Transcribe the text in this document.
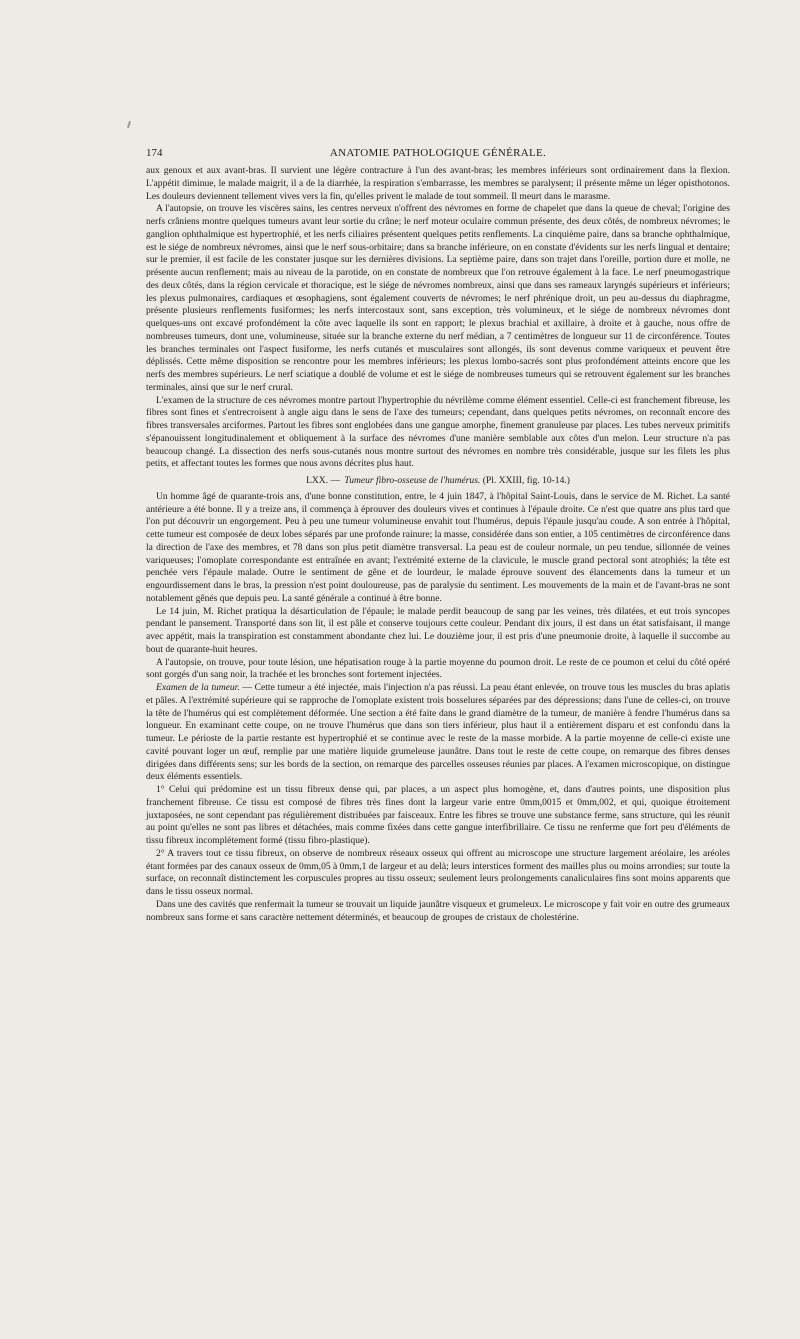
174	ANATOMIE PATHOLOGIQUE GÉNÉRALE.

aux genoux et aux avant-bras. Il survient une légère contracture à l'un des avant-bras; les membres inférieurs sont ordinairement dans la flexion. L'appétit diminue, le malade maigrit, il a de la diarrhée, la respiration s'embarrasse, les membres se paralysent; il présente même un léger opisthotonos. Les douleurs deviennent tellement vives vers la fin, qu'elles privent le malade de tout sommeil. Il meurt dans le marasme.

A l'autopsie, on trouve les viscères sains, les centres nerveux n'offrent des névromes en forme de chapelet que dans la queue de cheval; l'origine des nerfs crâniens montre quelques tumeurs avant leur sortie du crâne; le nerf moteur oculaire commun présente, des deux côtés, de nombreux névromes; le ganglion ophthalmique est hypertrophié, et les nerfs ciliaires présentent quelques petits renflements. La cinquième paire, dans sa branche ophthalmique, est le siége de nombreux névromes, ainsi que le nerf sous-orbitaire; dans sa branche inférieure, on en constate d'évidents sur les nerfs lingual et dentaire; sur le premier, il est facile de les constater jusque sur les dernières divisions. La septième paire, dans son trajet dans l'oreille, portion dure et molle, ne présente aucun renflement; mais au niveau de la parotide, on en constate de nombreux que l'on retrouve également à la face. Le nerf pneumogastrique des deux côtés, dans la région cervicale et thoracique, est le siége de névromes nombreux, ainsi que dans ses rameaux laryngés supérieurs et inférieurs; les plexus pulmonaires, cardiaques et œsophagiens, sont également couverts de névromes; le nerf phrénique droit, un peu au-dessus du diaphragme, présente plusieurs renflements fusiformes; les nerfs intercostaux sont, sans exception, très volumineux, et le siége de nombreux névromes dont quelques-uns ont excavé profondément la côte avec laquelle ils sont en rapport; le plexus brachial et axillaire, à droite et à gauche, nous offre de nombreuses tumeurs, dont une, volumineuse, située sur la branche externe du nerf médian, a 7 centimètres de longueur sur 11 de circonférence. Toutes les branches terminales ont l'aspect fusiforme, les nerfs cutanés et musculaires sont allongés, ils sont devenus comme variqueux et peuvent être déplissés. Cette même disposition se rencontre pour les membres inférieurs; les plexus lombo-sacrés sont plus profondément atteints encore que les nerfs des membres supérieurs. Le nerf sciatique a doublé de volume et est le siége de nombreuses tumeurs qui se retrouvent également sur les branches terminales, ainsi que sur le nerf crural.

L'examen de la structure de ces névromes montre partout l'hypertrophie du névrilème comme élément essentiel. Celle-ci est franchement fibreuse, les fibres sont fines et s'entrecroisent à angle aigu dans le sens de l'axe des tumeurs; cependant, dans quelques petits névromes, on reconnaît encore des fibres transversales arciformes. Partout les fibres sont englobées dans une gangue amorphe, finement granuleuse par places. Les tubes nerveux primitifs s'épanouissent longitudinalement et obliquement à la surface des névromes d'une manière semblable aux côtes d'un melon. Leur structure n'a pas beaucoup changé. La dissection des nerfs sous-cutanés nous montre surtout des névromes en nombre très considérable, jusque sur les filets les plus petits, et affectant toutes les formes que nous avons décrites plus haut.

LXX. — Tumeur fibro-osseuse de l'humérus. (Pl. XXIII, fig. 10-14.)

Un homme âgé de quarante-trois ans, d'une bonne constitution, entre, le 4 juin 1847, à l'hôpital Saint-Louis, dans le service de M. Richet. La santé antérieure a été bonne. Il y a treize ans, il commença à éprouver des douleurs vives et continues à l'épaule droite. Ce n'est que quatre ans plus tard que l'on put découvrir un engorgement. Peu à peu une tumeur volumineuse envahit tout l'humérus, depuis l'épaule jusqu'au coude. A son entrée à l'hôpital, cette tumeur est composée de deux lobes séparés par une profonde rainure; la masse, considérée dans son entier, a 105 centimètres de circonférence dans la direction de l'axe des membres, et 78 dans son plus petit diamètre transversal. La peau est de couleur normale, un peu tendue, sillonnée de veines variqueuses; l'omoplate correspondante est entraînée en avant; l'extrémité externe de la clavicule, le muscle grand pectoral sont atrophiés; la tête est penchée vers l'épaule malade. Outre le sentiment de gêne et de lourdeur, le malade éprouve souvent des élancements dans la tumeur et un engourdissement dans le bras, la pression n'est point douloureuse, pas de paralysie du sentiment. Les mouvements de la main et de l'avant-bras ne sont notablement gênés que depuis peu. La santé générale a continué à être bonne.

Le 14 juin, M. Richet pratiqua la désarticulation de l'épaule; le malade perdit beaucoup de sang par les veines, très dilatées, et eut trois syncopes pendant le pansement. Transporté dans son lit, il est pâle et conserve toujours cette couleur. Pendant dix jours, il est dans un état satisfaisant, il mange avec appétit, mais la transpiration est constamment abondante chez lui. Le douzième jour, il est pris d'une pneumonie droite, à laquelle il succombe au bout de quarante-huit heures.

A l'autopsie, on trouve, pour toute lésion, une hépatisation rouge à la partie moyenne du poumon droit. Le reste de ce poumon et celui du côté opéré sont gorgés d'un sang noir, la trachée et les bronches sont fortement injectées.

Examen de la tumeur. — Cette tumeur a été injectée, mais l'injection n'a pas réussi. La peau étant enlevée, on trouve tous les muscles du bras aplatis et pâles. A l'extrémité supérieure qui se rapproche de l'omoplate existent trois bosselures séparées par des dépressions; dans l'une de celles-ci, on trouve la tête de l'humérus qui est complètement déformée. Une section a été faite dans le grand diamètre de la tumeur, de manière à fendre l'humérus dans sa longueur. En examinant cette coupe, on ne trouve l'humérus que dans son tiers inférieur, plus haut il a entièrement disparu et est confondu dans la tumeur. Le périoste de la partie restante est hypertrophié et se continue avec le reste de la masse morbide. A la partie moyenne de celle-ci existe une cavité pouvant loger un œuf, remplie par une matière liquide grumeleuse jaunâtre. Dans tout le reste de cette coupe, on remarque des fibres denses dirigées dans différents sens; sur les bords de la section, on remarque des parcelles osseuses réunies par places. A l'examen microscopique, on distingue deux éléments essentiels.

1° Celui qui prédomine est un tissu fibreux dense qui, par places, a un aspect plus homogène, et, dans d'autres points, une disposition plus franchement fibreuse. Ce tissu est composé de fibres très fines dont la largeur varie entre 0mm,0015 et 0mm,002, et qui, quoique étroitement juxtaposées, ne sont cependant pas régulièrement distribuées par faisceaux. Entre les fibres se trouve une substance ferme, sans structure, qui les réunit au point qu'elles ne sont pas libres et détachées, mais comme fixées dans cette gangue interfibrillaire. Ce tissu ne renferme que fort peu d'éléments de tissu fibreux incomplétement formé (tissu fibro-plastique).

2° A travers tout ce tissu fibreux, on observe de nombreux réseaux osseux qui offrent au microscope une structure largement aréolaire, les aréoles étant formées par des canaux osseux de 0mm,05 à 0mm,1 de largeur et au delà; leurs interstices forment des mailles plus ou moins arrondies; sur toute la surface, on reconnaît distinctement les corpuscules propres au tissu osseux; seulement leurs prolongements canaliculaires fins sont moins apparents que dans le tissu osseux normal.

Dans une des cavités que renfermait la tumeur se trouvait un liquide jaunâtre visqueux et grumeleux. Le microscope y fait voir en outre des grumeaux nombreux sans forme et sans caractère nettement déterminés, et beaucoup de groupes de cristaux de cholestérine.
